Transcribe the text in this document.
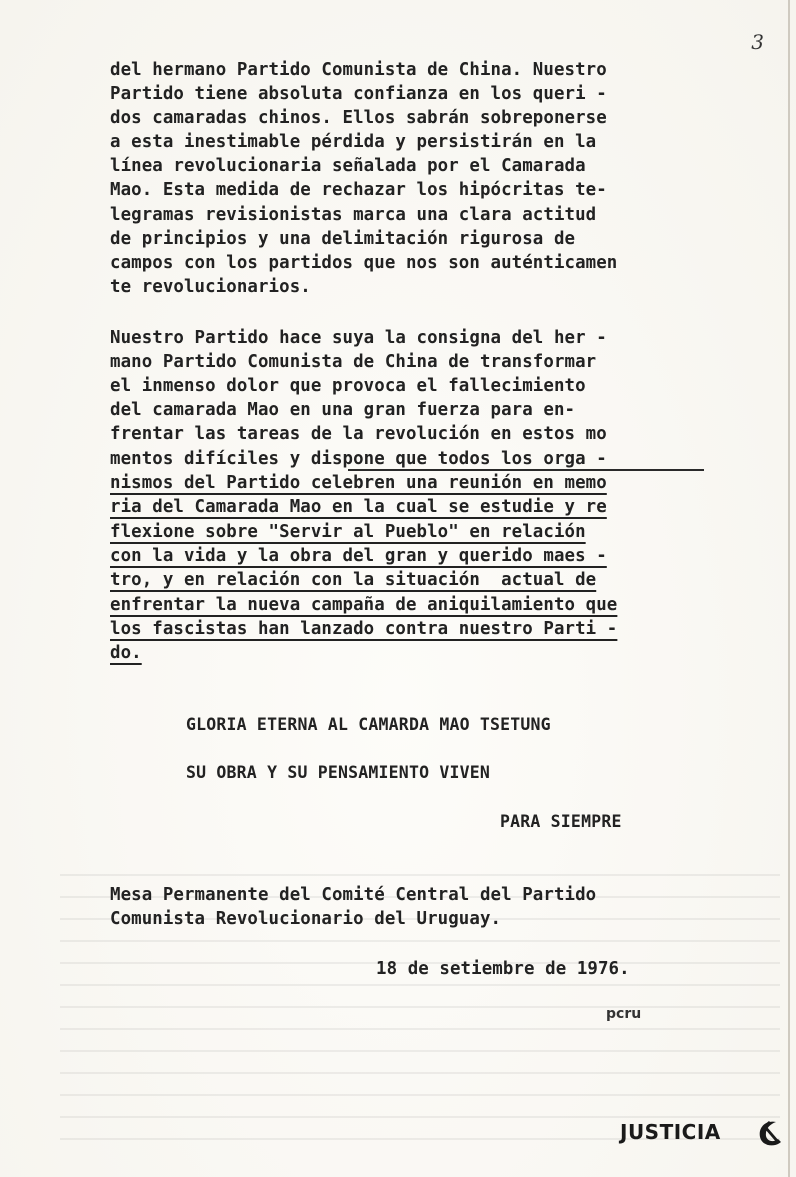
3
del hermano Partido Comunista de China. Nuestro
Partido tiene absoluta confianza en los queri -
dos camaradas chinos. Ellos sabrán sobreponerse
a esta inestimable pérdida y persistirán en la
línea revolucionaria señalada por el Camarada
Mao. Esta medida de rechazar los hipócritas te-
legramas revisionistas marca una clara actitud
de principios y una delimitación rigurosa de
campos con los partidos que nos son auténticamen
te revolucionarios.
Nuestro Partido hace suya la consigna del her -
mano Partido Comunista de China de transformar
el inmenso dolor que provoca el fallecimiento
del camarada Mao en una gran fuerza para en-
frentar las tareas de la revolución en estos mo
mentos difíciles y dispone que todos los orga -
nismos del Partido celebren una reunión en memo
ria del Camarada Mao en la cual se estudie y re
flexione sobre "Servir al Pueblo" en relación
con la vida y la obra del gran y querido maes -
tro, y en relación con la situación  actual de
enfrentar la nueva campaña de aniquilamiento que
los fascistas han lanzado contra nuestro Parti -
do.
GLORIA ETERNA AL CAMARDA MAO TSETUNG
SU OBRA Y SU PENSAMIENTO VIVEN
PARA SIEMPRE
Mesa Permanente del Comité Central del Partido
Comunista Revolucionario del Uruguay.
18 de setiembre de 1976.
pcru
JUSTICIA
